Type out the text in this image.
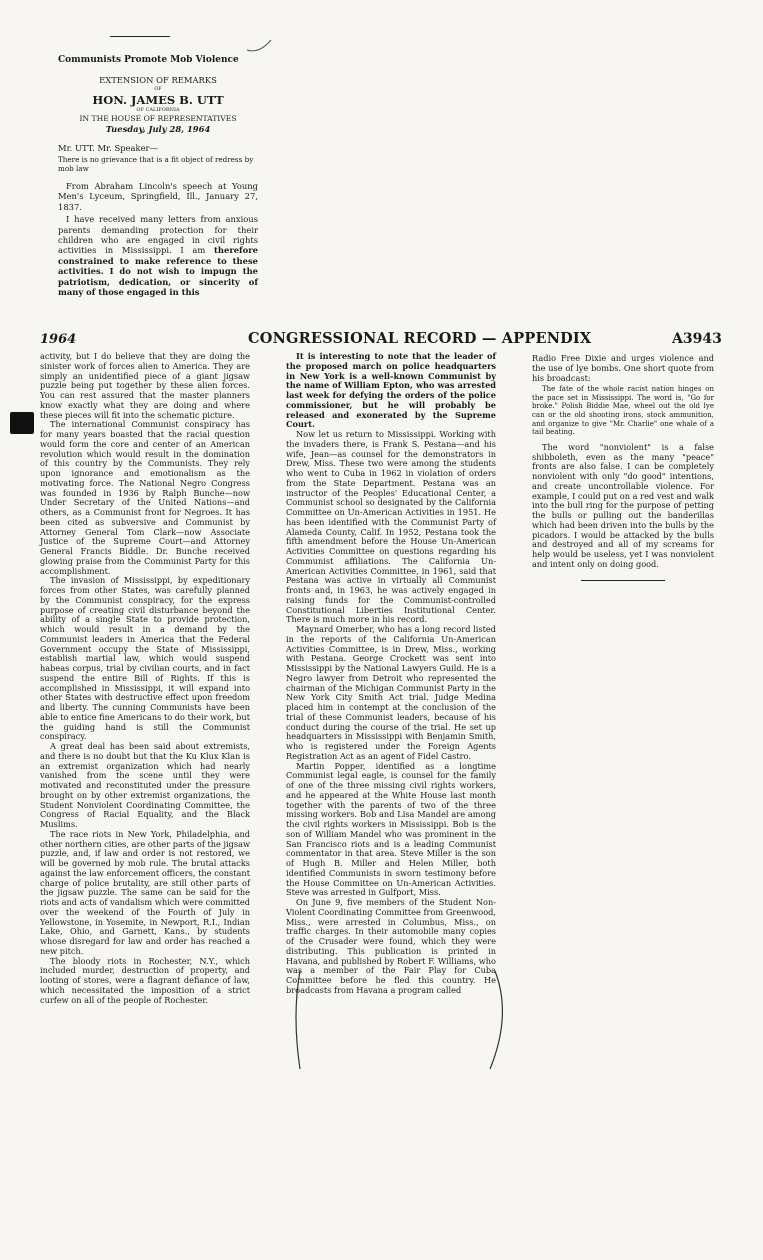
Communists Promote Mob Violence
EXTENSION OF REMARKS
OF
HON. JAMES B. UTT
OF CALIFORNIA
IN THE HOUSE OF REPRESENTATIVES
Tuesday, July 28, 1964
Mr. UTT. Mr. Speaker—
There is no grievance that is a fit object of redress by mob law

From Abraham Lincoln's speech at Young Men's Lyceum, Springfield, Ill., January 27, 1837.

I have received many letters from anxious parents demanding protection for their children who are engaged in civil rights activities in Mississippi. I am therefore constrained to make reference to these activities. I do not wish to impugn the patriotism, dedication, or sincerity of many of those engaged in this

1964	CONGRESSIONAL RECORD — APPENDIX	A3943

activity, but I do believe that they are doing the sinister work of forces alien to America. They are simply an unidentified piece of a giant jigsaw puzzle being put together by these alien forces. You can rest assured that the master planners know exactly what they are doing and where these pieces will fit into the schematic picture.

The international Communist conspiracy has for many years boasted that the racial question would form the core and center of an American revolution which would result in the domination of this country by the Communists. They rely upon ignorance and emotionalism as the motivating force. The National Negro Congress was founded in 1936 by Ralph Bunche—now Under Secretary of the United Nations—and others, as a Communist front for Negroes. It has been cited as subversive and Communist by Attorney General Tom Clark—now Associate Justice of the Supreme Court—and Attorney General Francis Biddle. Dr. Bunche received glowing praise from the Communist Party for this accomplishment.

The invasion of Mississippi, by expeditionary forces from other States, was carefully planned by the Communist conspiracy, for the express purpose of creating civil disturbance beyond the ability of a single State to provide protection, which would result in a demand by the Communist leaders in America that the Federal Government occupy the State of Mississippi, establish martial law, which would suspend habeas corpus, trial by civilian courts, and in fact suspend the entire Bill of Rights. If this is accomplished in Mississippi, it will expand into other States with destructive effect upon freedom and liberty. The cunning Communists have been able to entice fine Americans to do their work, but the guiding hand is still the Communist conspiracy.

A great deal has been said about extremists, and there is no doubt but that the Ku Klux Klan is an extremist organization which had nearly vanished from the scene until they were motivated and reconstituted under the pressure brought on by other extremist organizations, the Student Nonviolent Coordinating Committee, the Congress of Racial Equality, and the Black Muslims.

The race riots in New York, Philadelphia, and other northern cities, are other parts of the jigsaw puzzle, and, if law and order is not restored, we will be governed by mob rule. The brutal attacks against the law enforcement officers, the constant charge of police brutality, are still other parts of the jigsaw puzzle. The same can be said for the riots and acts of vandalism which were committed over the weekend of the Fourth of July in Yellowstone, in Yosemite, in Newport, R.I., Indian Lake, Ohio, and Garnett, Kans., by students whose disregard for law and order has reached a new pitch.

The bloody riots in Rochester, N.Y., which included murder, destruction of property, and looting of stores, were a flagrant defiance of law, which necessitated the imposition of a strict curfew on all of the people of Rochester.

It is interesting to note that the leader of the proposed march on police headquarters in New York is a well-known Communist by the name of William Epton, who was arrested last week for defying the orders of the police commissioner, but he will probably be released and exonerated by the Supreme Court.

Now let us return to Mississippi. Working with the invaders there, is Frank S. Pestana—and his wife, Jean—as counsel for the demonstrators in Drew, Miss. These two were among the students who went to Cuba in 1962 in violation of orders from the State Department. Pestana was an instructor of the Peoples' Educational Center, a Communist school so designated by the California Committee on Un-American Activities in 1951. He has been identified with the Communist Party of Alameda County, Calif. In 1952, Pestana took the fifth amendment before the House Un-American Activities Committee on questions regarding his Communist affiliations. The California Un-American Activities Committee, in 1961, said that Pestana was active in virtually all Communist fronts and, in 1963, he was actively engaged in raising funds for the Communist-controlled Constitutional Liberties Institutional Center. There is much more in his record.

Maynard Omerber, who has a long record listed in the reports of the California Un-American Activities Committee, is in Drew, Miss., working with Pestana. George Crockett was sent into Mississippi by the National Lawyers Guild. He is a Negro lawyer from Detroit who represented the chairman of the Michigan Communist Party in the New York City Smith Act trial. Judge Medina placed him in contempt at the conclusion of the trial of these Communist leaders, because of his conduct during the course of the trial. He set up headquarters in Mississippi with Benjamin Smith, who is registered under the Foreign Agents Registration Act as an agent of Fidel Castro.

Martin Popper, identified as a longtime Communist legal eagle, is counsel for the family of one of the three missing civil rights workers, and he appeared at the White House last month together with the parents of two of the three missing workers. Bob and Lisa Mandel are among the civil rights workers in Mississippi. Bob is the son of William Mandel who was prominent in the San Francisco riots and is a leading Communist commentator in that area. Steve Miller is the son of Hugh B. Miller and Helen Miller, both identified Communists in sworn testimony before the House Committee on Un-American Activities. Steve was arrested in Gulfport, Miss.

On June 9, five members of the Student Non-Violent Coordinating Committee from Greenwood, Miss., were arrested in Columbus, Miss., on traffic charges. In their automobile many copies of the Crusader were found, which they were distributing. This publication is printed in Havana, and published by Robert F. Williams, who was a member of the Fair Play for Cuba Committee before he fled this country. He broadcasts from Havana a program called

Radio Free Dixie and urges violence and the use of lye bombs. One short quote from his broadcast:

The fate of the whole racist nation hinges on the pace set in Mississippi. The word is, "Go for broke." Polish Biddie Mae, wheel out the old lye can or the old shooting irons, stock ammunition, and organize to give "Mr. Charlie" one whale of a tail beating.

The word "nonviolent" is a false shibboleth, even as the many "peace" fronts are also false. I can be completely nonviolent with only "do good" intentions, and create uncontrollable violence. For example, I could put on a red vest and walk into the bull ring for the purpose of petting the bulls or pulling out the banderillas which had been driven into the bulls by the picadors. I would be attacked by the bulls and destroyed and all of my screams for help would be useless, yet I was nonviolent and intent only on doing good.
